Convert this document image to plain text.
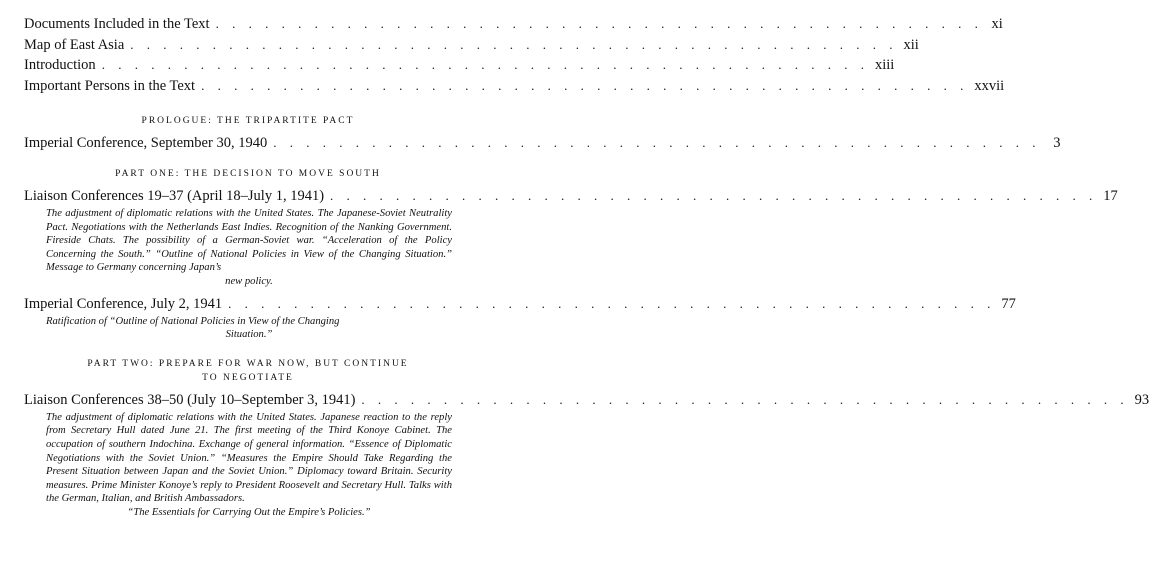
Documents Included in the Text . . . . . . . . . . . . . . . . . . . . . . . . . . . . . . . . . . . . . . . . . . . . . . . xi
Map of East Asia . . . . . . . . . . . . . . . . . . . . . . . . . . . . . . . . . . . . . . . . . . . . . . . xii
Introduction . . . . . . . . . . . . . . . . . . . . . . . . . . . . . . . . . . . . . . . . . . . . . . . xiii
Important Persons in the Text . . . . . . . . . . . . . . . . . . . . . . . . . . . . . . . . . . . . . . . . . . . . . . . xxvii
PROLOGUE: THE TRIPARTITE PACT
Imperial Conference, September 30, 1940 . . . . . . . . . . . . . . . . . . . . . . . . . . . . . . . . . . . . . . . . . . . . . . . 3
PART ONE: THE DECISION TO MOVE SOUTH
Liaison Conferences 19–37 (April 18–July 1, 1941) . . . . . . . . . . . . . . . . . . . . . . . . . . . . . . . . . . . . . . . . . . . . . . . 17
The adjustment of diplomatic relations with the United States. The Japanese-Soviet Neutrality Pact. Negotiations with the Netherlands East Indies. Recognition of the Nanking Government. Fireside Chats. The possibility of a German-Soviet war. “Acceleration of the Policy Concerning the South.” “Outline of National Policies in View of the Changing Situation.” Message to Germany concerning Japan’s
new policy.
Imperial Conference, July 2, 1941 . . . . . . . . . . . . . . . . . . . . . . . . . . . . . . . . . . . . . . . . . . . . . . . 77
Ratification of “Outline of National Policies in View of the Changing
Situation.”
PART TWO: PREPARE FOR WAR NOW, BUT CONTINUE
TO NEGOTIATE
Liaison Conferences 38–50 (July 10–September 3, 1941) . . . . . . . . . . . . . . . . . . . . . . . . . . . . . . . . . . . . . . . . . . . . . . . 93
The adjustment of diplomatic relations with the United States. Japanese reaction to the reply from Secretary Hull dated June 21. The first meeting of the Third Konoye Cabinet. The occupation of southern Indochina. Exchange of general information. “Essence of Diplomatic Negotiations with the Soviet Union.” “Measures the Empire Should Take Regarding the Present Situation between Japan and the Soviet Union.” Diplomacy toward Britain. Security measures. Prime Minister Konoye’s reply to President Roosevelt and Secretary Hull. Talks with the German, Italian, and British Ambassadors.
“The Essentials for Carrying Out the Empire’s Policies.”
